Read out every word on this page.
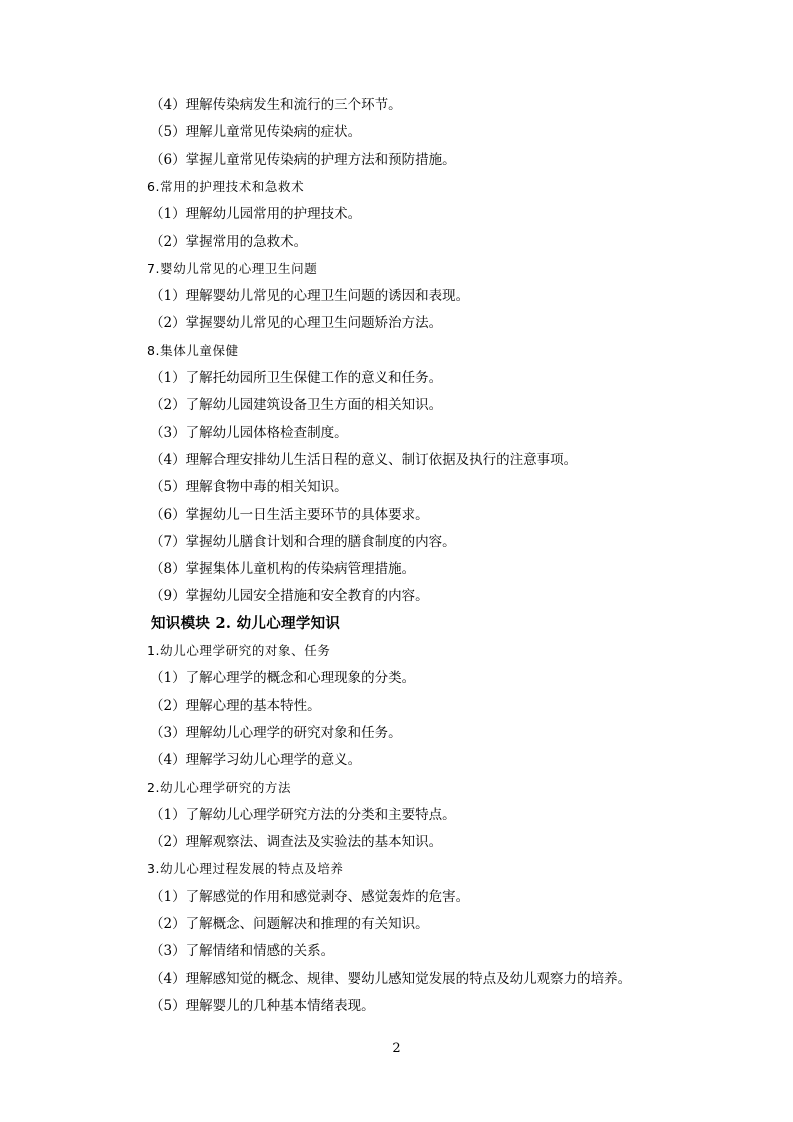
（4）理解传染病发生和流行的三个环节。
（5）理解儿童常见传染病的症状。
（6）掌握儿童常见传染病的护理方法和预防措施。
6.常用的护理技术和急救术
（1）理解幼儿园常用的护理技术。
（2）掌握常用的急救术。
7.婴幼儿常见的心理卫生问题
（1）理解婴幼儿常见的心理卫生问题的诱因和表现。
（2）掌握婴幼儿常见的心理卫生问题矫治方法。
8.集体儿童保健
（1）了解托幼园所卫生保健工作的意义和任务。
（2）了解幼儿园建筑设备卫生方面的相关知识。
（3）了解幼儿园体格检查制度。
（4）理解合理安排幼儿生活日程的意义、制订依据及执行的注意事项。
（5）理解食物中毒的相关知识。
（6）掌握幼儿一日生活主要环节的具体要求。
（7）掌握幼儿膳食计划和合理的膳食制度的内容。
（8）掌握集体儿童机构的传染病管理措施。
（9）掌握幼儿园安全措施和安全教育的内容。
知识模块 2. 幼儿心理学知识
1.幼儿心理学研究的对象、任务
（1）了解心理学的概念和心理现象的分类。
（2）理解心理的基本特性。
（3）理解幼儿心理学的研究对象和任务。
（4）理解学习幼儿心理学的意义。
2.幼儿心理学研究的方法
（1）了解幼儿心理学研究方法的分类和主要特点。
（2）理解观察法、调查法及实验法的基本知识。
3.幼儿心理过程发展的特点及培养
（1）了解感觉的作用和感觉剥夺、感觉轰炸的危害。
（2）了解概念、问题解决和推理的有关知识。
（3）了解情绪和情感的关系。
（4）理解感知觉的概念、规律、婴幼儿感知觉发展的特点及幼儿观察力的培养。
（5）理解婴儿的几种基本情绪表现。
2
